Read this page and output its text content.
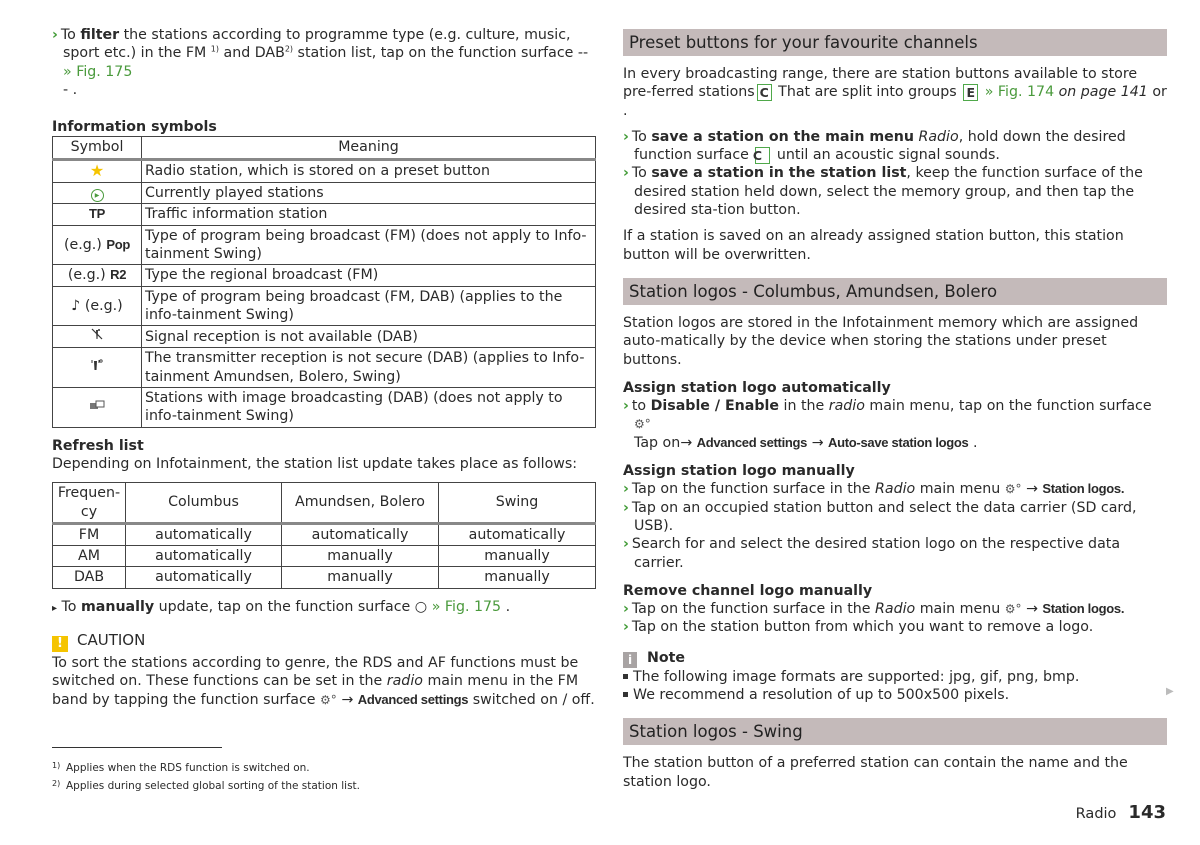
› To filter the stations according to programme type (e.g. culture, music, sport etc.) in the FM $^{1)}$ and DAB$^{2)}$ station list, tap on the function surface -- » Fig. 175
- .

Information symbols

Symbol	Meaning
★	Radio station, which is stored on a preset button
▶	Currently played stations
TP	Traffic information station
(e.g.) Pop	Type of program being broadcast (FM) (does not apply to Info-tainment Swing)
(e.g.) R2	Type the regional broadcast (FM)
♪ (e.g.)	Type of program being broadcast (FM, DAB) (applies to the info-tainment Swing)
	Signal reception is not available (DAB)
	The transmitter reception is not secure (DAB) (applies to Info-tainment Amundsen, Bolero, Swing)
	Stations with image broadcasting (DAB) (does not apply to info-tainment Swing)

Refresh list

Depending on Infotainment, the station list update takes place as follows:

Frequen-cy	Columbus	Amundsen, Bolero	Swing
FM	automatically	automatically	automatically
AM	automatically	manually	manually
DAB	automatically	manually	manually

▸ To manually update, tap on the function surface ○ » Fig. 175 .

! CAUTION

To sort the stations according to genre, the RDS and AF functions must be switched on. These functions can be set in the radio main menu in the FM band by tapping the function surface ⚙° → Advanced settings switched on / off.

Preset buttons for your favourite channels

In every broadcasting range, there are station buttons available to store pre-ferred stations C That are split into groups E » Fig. 174 on page 141 or .

› To save a station on the main menu Radio, hold down the desired function surface C until an acoustic signal sounds.

› To save a station in the station list, keep the function surface of the desired station held down, select the memory group, and then tap the desired sta-tion button.

If a station is saved on an already assigned station button, this station button will be overwritten.

Station logos - Columbus, Amundsen, Bolero

Station logos are stored in the Infotainment memory which are assigned auto-matically by the device when storing the stations under preset buttons.

Assign station logo automatically

› to Disable / Enable in the radio main menu, tap on the function surface ⚙°
Tap on→ Advanced settings → Auto-save station logos .

Assign station logo manually

› Tap on the function surface in the Radio main menu ⚙° → Station logos.

› Tap on an occupied station button and select the data carrier (SD card, USB).

› Search for and select the desired station logo on the respective data carrier.

Remove channel logo manually

› Tap on the function surface in the Radio main menu ⚙° → Station logos.

› Tap on the station button from which you want to remove a logo.

i Note

The following image formats are supported: jpg, gif, png, bmp.

We recommend a resolution of up to 500x500 pixels.

Station logos - Swing

The station button of a preferred station can contain the name and the station logo.

▶
1) Applies when the RDS function is switched on.
2) Applies during selected global sorting of the station list.
Radio 143
